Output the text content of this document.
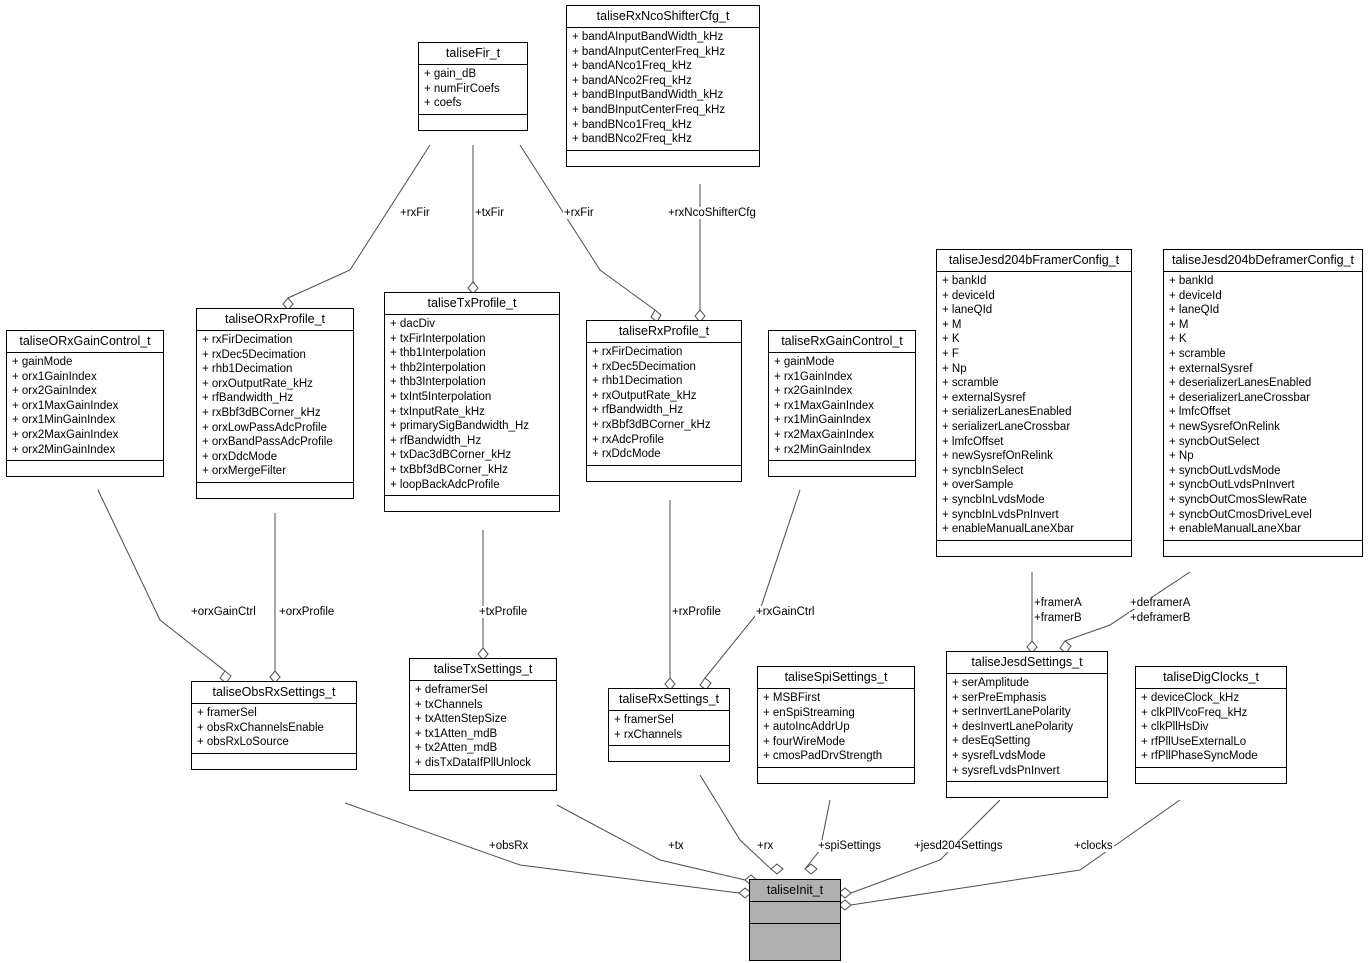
taliseRxNcoShifterCfg_t
+ bandAInputBandWidth_kHz
+ bandAInputCenterFreq_kHz
+ bandANco1Freq_kHz
+ bandANco2Freq_kHz
+ bandBInputBandWidth_kHz
+ bandBInputCenterFreq_kHz
+ bandBNco1Freq_kHz
+ bandBNco2Freq_kHz
taliseFir_t
+ gain_dB
+ numFirCoefs
+ coefs
taliseORxGainControl_t
+ gainMode
+ orx1GainIndex
+ orx2GainIndex
+ orx1MaxGainIndex
+ orx1MinGainIndex
+ orx2MaxGainIndex
+ orx2MinGainIndex
taliseORxProfile_t
+ rxFirDecimation
+ rxDec5Decimation
+ rhb1Decimation
+ orxOutputRate_kHz
+ rfBandwidth_Hz
+ rxBbf3dBCorner_kHz
+ orxLowPassAdcProfile
+ orxBandPassAdcProfile
+ orxDdcMode
+ orxMergeFilter
taliseTxProfile_t
+ dacDiv
+ txFirInterpolation
+ thb1Interpolation
+ thb2Interpolation
+ thb3Interpolation
+ txInt5Interpolation
+ txInputRate_kHz
+ primarySigBandwidth_Hz
+ rfBandwidth_Hz
+ txDac3dBCorner_kHz
+ txBbf3dBCorner_kHz
+ loopBackAdcProfile
taliseRxProfile_t
+ rxFirDecimation
+ rxDec5Decimation
+ rhb1Decimation
+ rxOutputRate_kHz
+ rfBandwidth_Hz
+ rxBbf3dBCorner_kHz
+ rxAdcProfile
+ rxDdcMode
taliseRxGainControl_t
+ gainMode
+ rx1GainIndex
+ rx2GainIndex
+ rx1MaxGainIndex
+ rx1MinGainIndex
+ rx2MaxGainIndex
+ rx2MinGainIndex
taliseJesd204bFramerConfig_t
+ bankId
+ deviceId
+ laneQId
+ M
+ K
+ F
+ Np
+ scramble
+ externalSysref
+ serializerLanesEnabled
+ serializerLaneCrossbar
+ lmfcOffset
+ newSysrefOnRelink
+ syncbInSelect
+ overSample
+ syncbInLvdsMode
+ syncbInLvdsPnInvert
+ enableManualLaneXbar
taliseJesd204bDeframerConfig_t
+ bankId
+ deviceId
+ laneQId
+ M
+ K
+ scramble
+ externalSysref
+ deserializerLanesEnabled
+ deserializerLaneCrossbar
+ lmfcOffset
+ newSysrefOnRelink
+ syncbOutSelect
+ Np
+ syncbOutLvdsMode
+ syncbOutLvdsPnInvert
+ syncbOutCmosSlewRate
+ syncbOutCmosDriveLevel
+ enableManualLaneXbar
taliseObsRxSettings_t
+ framerSel
+ obsRxChannelsEnable
+ obsRxLoSource
taliseTxSettings_t
+ deframerSel
+ txChannels
+ txAttenStepSize
+ tx1Atten_mdB
+ tx2Atten_mdB
+ disTxDataIfPllUnlock
taliseRxSettings_t
+ framerSel
+ rxChannels
taliseSpiSettings_t
+ MSBFirst
+ enSpiStreaming
+ autoIncAddrUp
+ fourWireMode
+ cmosPadDrvStrength
taliseJesdSettings_t
+ serAmplitude
+ serPreEmphasis
+ serInvertLanePolarity
+ desInvertLanePolarity
+ desEqSetting
+ sysrefLvdsMode
+ sysrefLvdsPnInvert
taliseDigClocks_t
+ deviceClock_kHz
+ clkPllVcoFreq_kHz
+ clkPllHsDiv
+ rfPllUseExternalLo
+ rfPllPhaseSyncMode
taliseInit_t
+rxFir	+txFir	+rxFir	+rxNcoShifterCfg
+orxGainCtrl +orxProfile	+txProfile	+rxProfile	+rxGainCtrl
+framerA
+framerB
+deframerA
+deframerB
+obsRx	+tx	+rx	+spiSettings	+jesd204Settings	+clocks
